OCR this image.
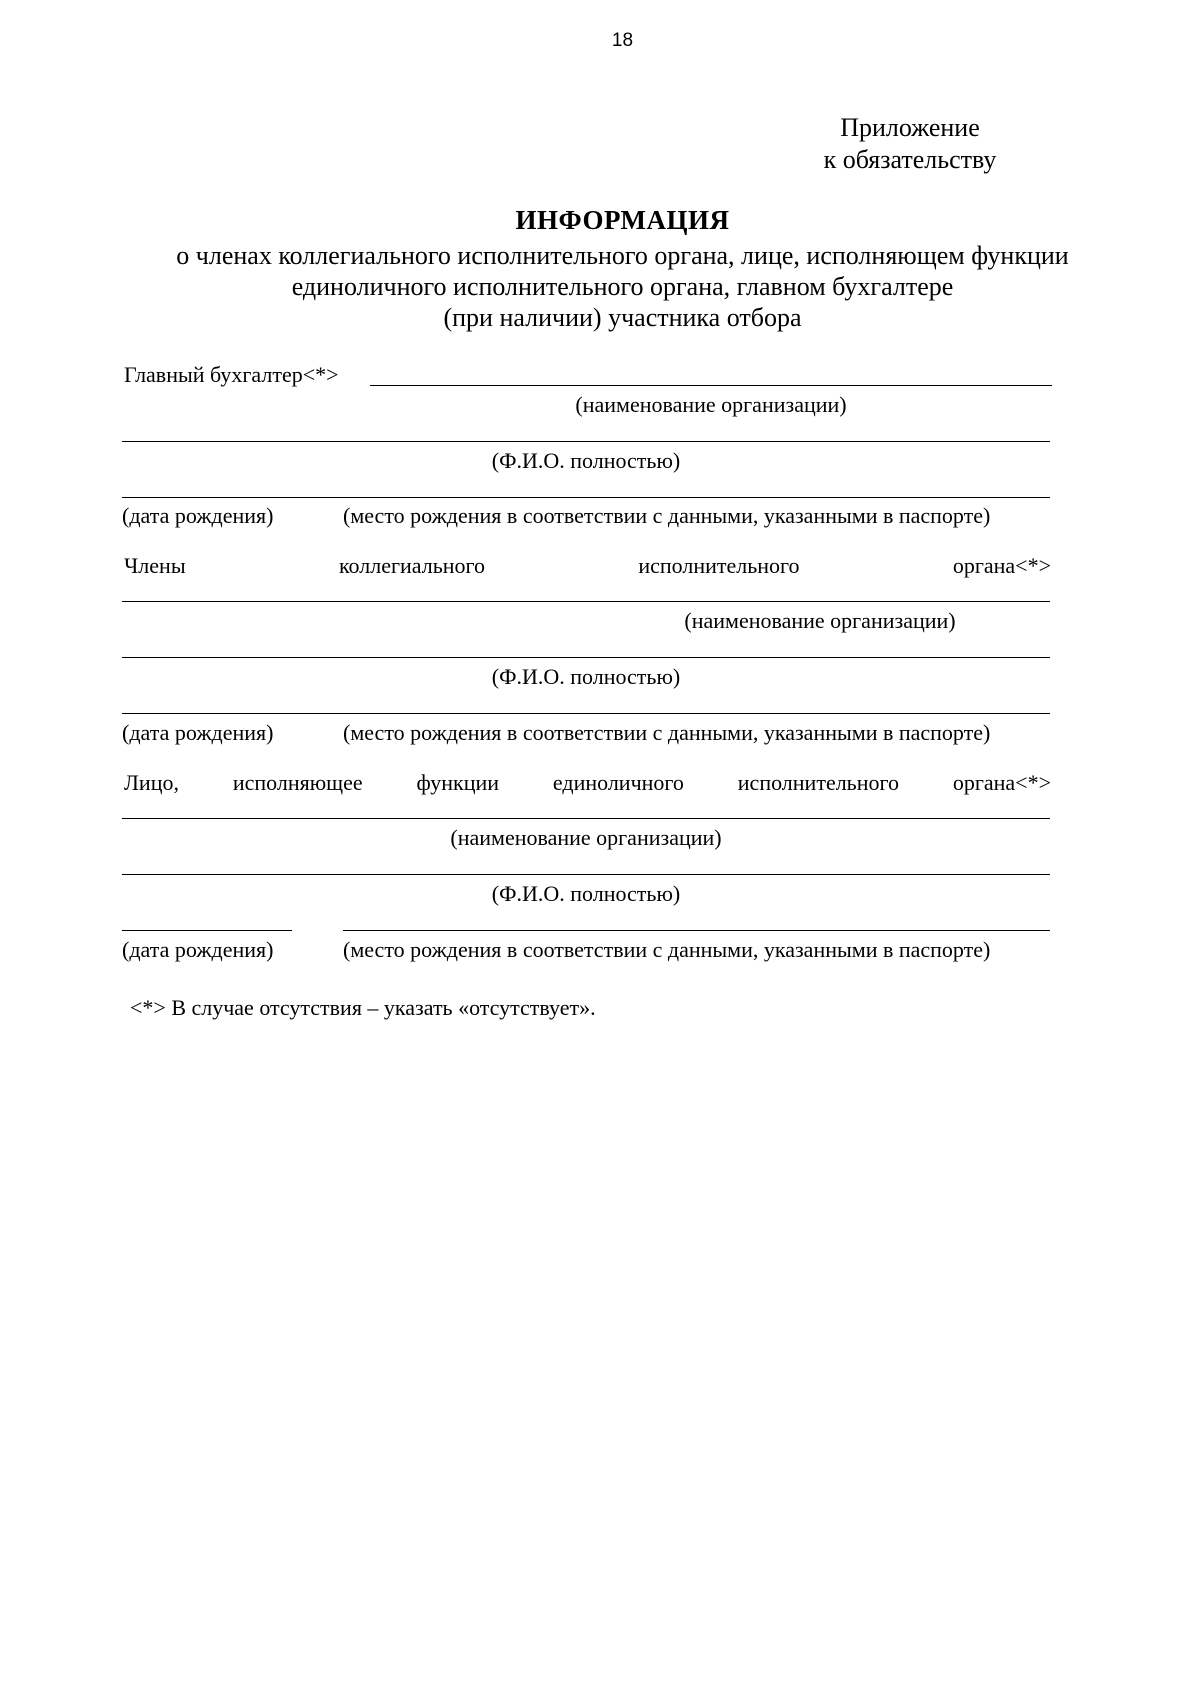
18
Приложение
к обязательству
ИНФОРМАЦИЯ
о членах коллегиального исполнительного органа, лице, исполняющем функции
единоличного исполнительного органа, главном бухгалтере
(при наличии) участника отбора
Главный бухгалтер<*>
(наименование организации)
(Ф.И.О. полностью)
(дата рождения)	(место рождения в соответствии с данными, указанными в паспорте)
Члены	коллегиального	исполнительного	органа<*>
(наименование организации)
(Ф.И.О. полностью)
(дата рождения)	(место рождения в соответствии с данными, указанными в паспорте)
Лицо, исполняющее функции единоличного исполнительного органа<*>
(наименование организации)
(Ф.И.О. полностью)
(дата рождения)	(место рождения в соответствии с данными, указанными в паспорте)
<*> В случае отсутствия – указать «отсутствует».
